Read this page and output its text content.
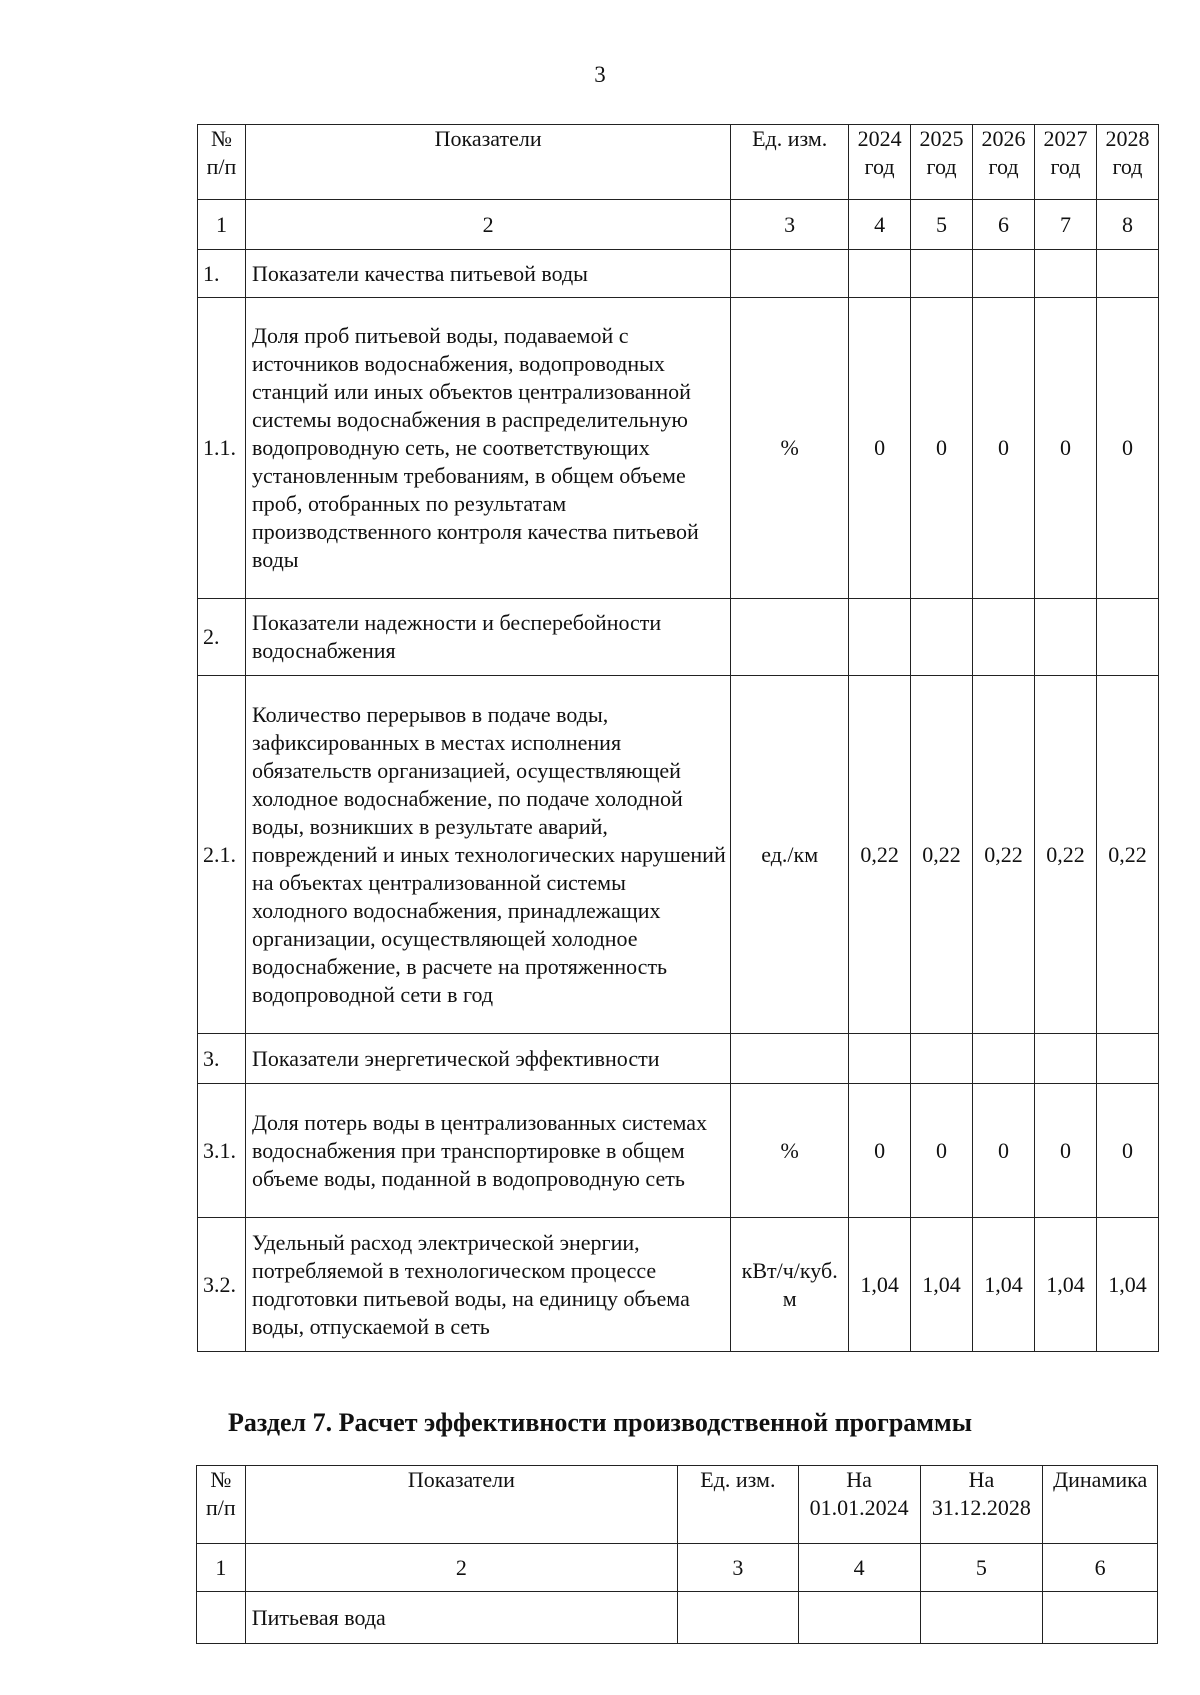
3
№ п/п	Показатели	Ед. изм.	2024 год	2025 год	2026 год	2027 год	2028 год
1	2	3	4	5	6	7	8
1.	Показатели качества питьевой воды						
1.1.	Доля проб питьевой воды, подаваемой с источников водоснабжения, водопроводных станций или иных объектов централизованной системы водоснабжения в распределительную водопроводную сеть, не соответствующих установленным требованиям, в общем объеме проб, отобранных по результатам производственного контроля качества питьевой воды	%	0	0	0	0	0
2.	Показатели надежности и бесперебойности водоснабжения						
2.1.	Количество перерывов в подаче воды, зафиксированных в местах исполнения обязательств организацией, осуществляющей холодное водоснабжение, по подаче холодной воды, возникших в результате аварий, повреждений и иных технологических нарушений на объектах централизованной системы холодного водоснабжения, принадлежащих организации, осуществляющей холодное водоснабжение, в расчете на протяженность водопроводной сети в год	ед./км	0,22	0,22	0,22	0,22	0,22
3.	Показатели энергетической эффективности						
3.1.	Доля потерь воды в централизованных системах водоснабжения при транспортировке в общем объеме воды, поданной в водопроводную сеть	%	0	0	0	0	0
3.2.	Удельный расход электрической энергии, потребляемой в технологическом процессе подготовки питьевой воды, на единицу объема воды, отпускаемой в сеть	кВт/ч/куб. м	1,04	1,04	1,04	1,04	1,04
Раздел 7. Расчет эффективности производственной программы
№ п/п	Показатели	Ед. изм.	На 01.01.2024	На 31.12.2028	Динамика
1	2	3	4	5	6
	Питьевая вода				
